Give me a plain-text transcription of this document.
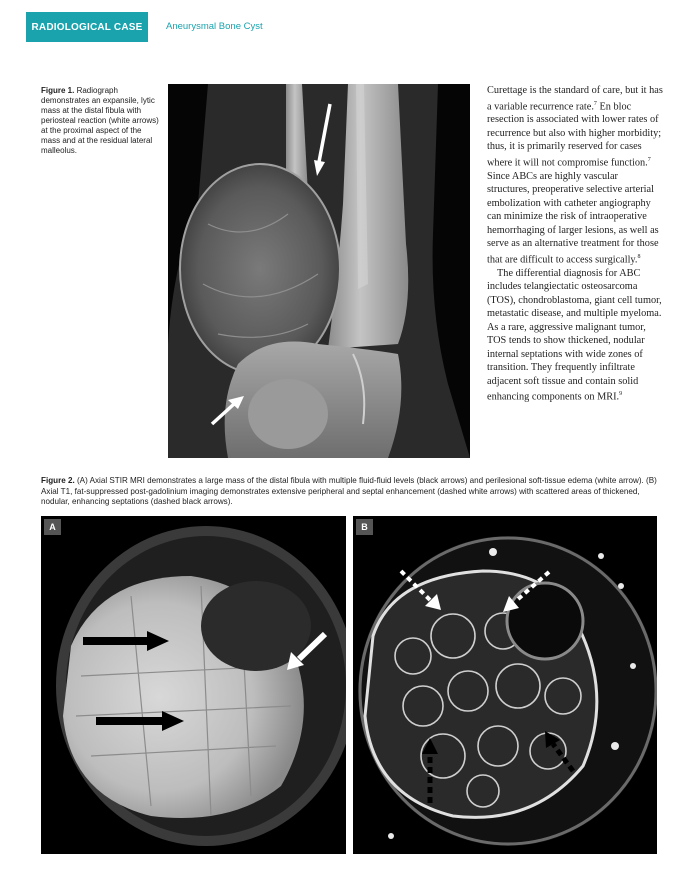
RADIOLOGICAL CASE	Aneurysmal Bone Cyst
Figure 1. Radiograph demonstrates an expansile, lytic mass at the distal fibula with periosteal reaction (white arrows) at the proximal aspect of the mass and at the residual lateral malleolus.

Curettage is the standard of care, but it has a variable recurrence rate.$^7$ En bloc resection is associated with lower rates of recurrence but also with higher morbidity; thus, it is primarily reserved for cases where it will not compromise function.$^7$ Since ABCs are highly vascular structures, preoperative selective arterial embolization with catheter angiography can minimize the risk of intraoperative hemorrhaging of larger lesions, as well as serve as an alternative treatment for those that are difficult to access surgically.$^8$

The differential diagnosis for ABC includes telangiectatic osteosarcoma (TOS), chondroblastoma, giant cell tumor, metastatic disease, and multiple myeloma. As a rare, aggressive malignant tumor, TOS tends to show thickened, nodular internal septations with wide zones of transition. They frequently infiltrate adjacent soft tissue and contain solid enhancing components on MRI.$^9$

Figure 2. (A) Axial STIR MRI demonstrates a large mass of the distal fibula with multiple fluid-fluid levels (black arrows) and perilesional soft-tissue edema (white arrow). (B) Axial T1, fat-suppressed post-gadolinium imaging demonstrates extensive peripheral and septal enhancement (dashed white arrows) with scattered areas of thickened, nodular, enhancing septations (dashed black arrows).
A	B
